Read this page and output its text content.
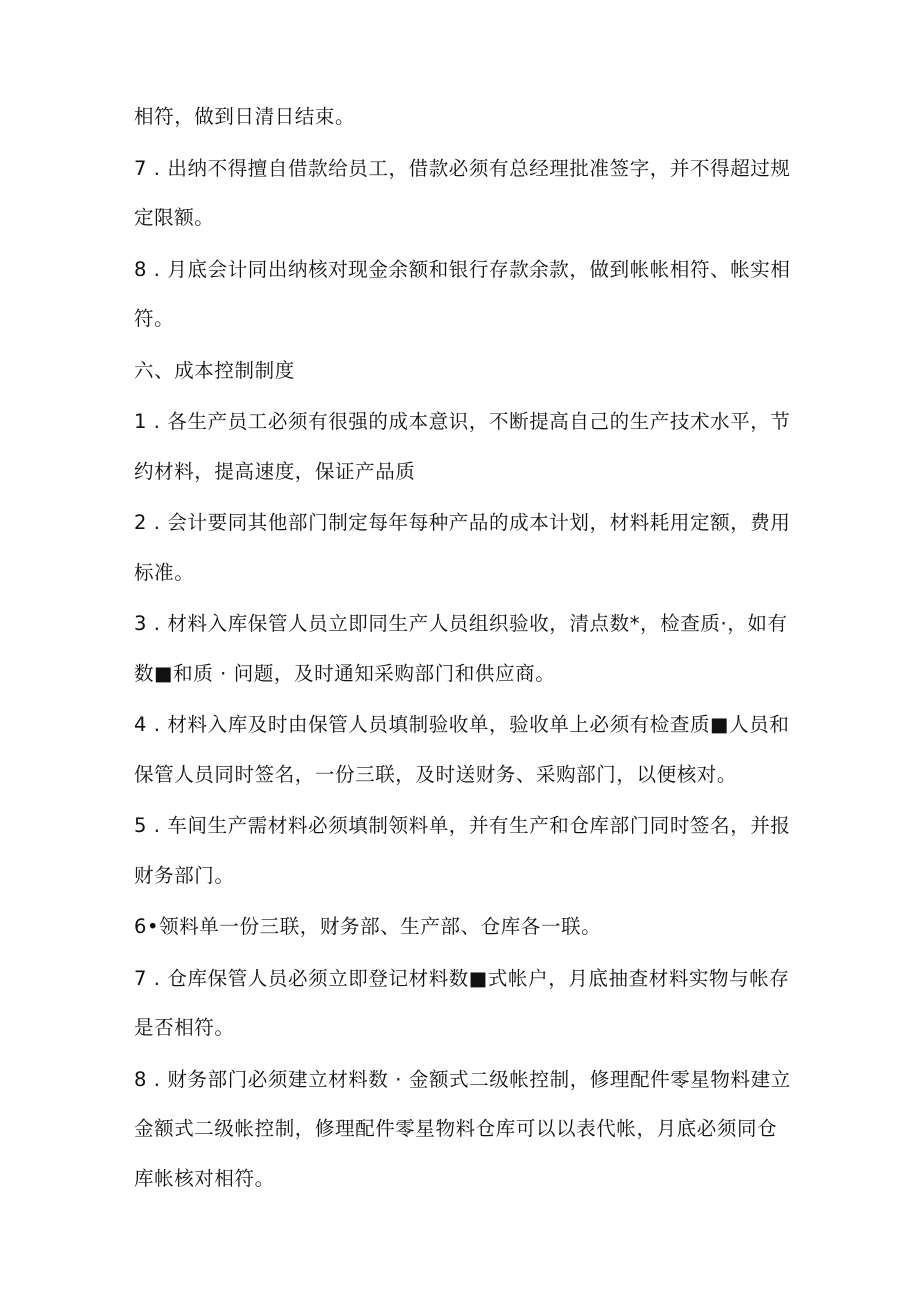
相符，做到日清日结束。

7 . 出纳不得擅自借款给员工，借款必须有总经理批准签字，并不得超过规定限额。

8 . 月底会计同出纳核对现金余额和银行存款余款，做到帐帐相符、帐实相符。

六、成本控制制度

1 . 各生产员工必须有很强的成本意识，不断提高自己的生产技术水平，节约材料，提高速度，保证产品质

2 . 会计要同其他部门制定每年每种产品的成本计划，材料耗用定额，费用标准。

3 . 材料入库保管人员立即同生产人员组织验收，清点数*，检查质·，如有数■和质 · 问题，及时通知采购部门和供应商。

4 . 材料入库及时由保管人员填制验收单，验收单上必须有检查质■人员和保管人员同时签名，一份三联，及时送财务、采购部门，以便核对。

5 . 车间生产需材料必须填制领料单，并有生产和仓库部门同时签名，并报财务部门。

6•领料单一份三联，财务部、生产部、仓库各一联。

7 . 仓库保管人员必须立即登记材料数■式帐户，月底抽查材料实物与帐存是否相符。

8 . 财务部门必须建立材料数 · 金额式二级帐控制，修理配件零星物料建立金额式二级帐控制，修理配件零星物料仓库可以以表代帐，月底必须同仓库帐核对相符。
